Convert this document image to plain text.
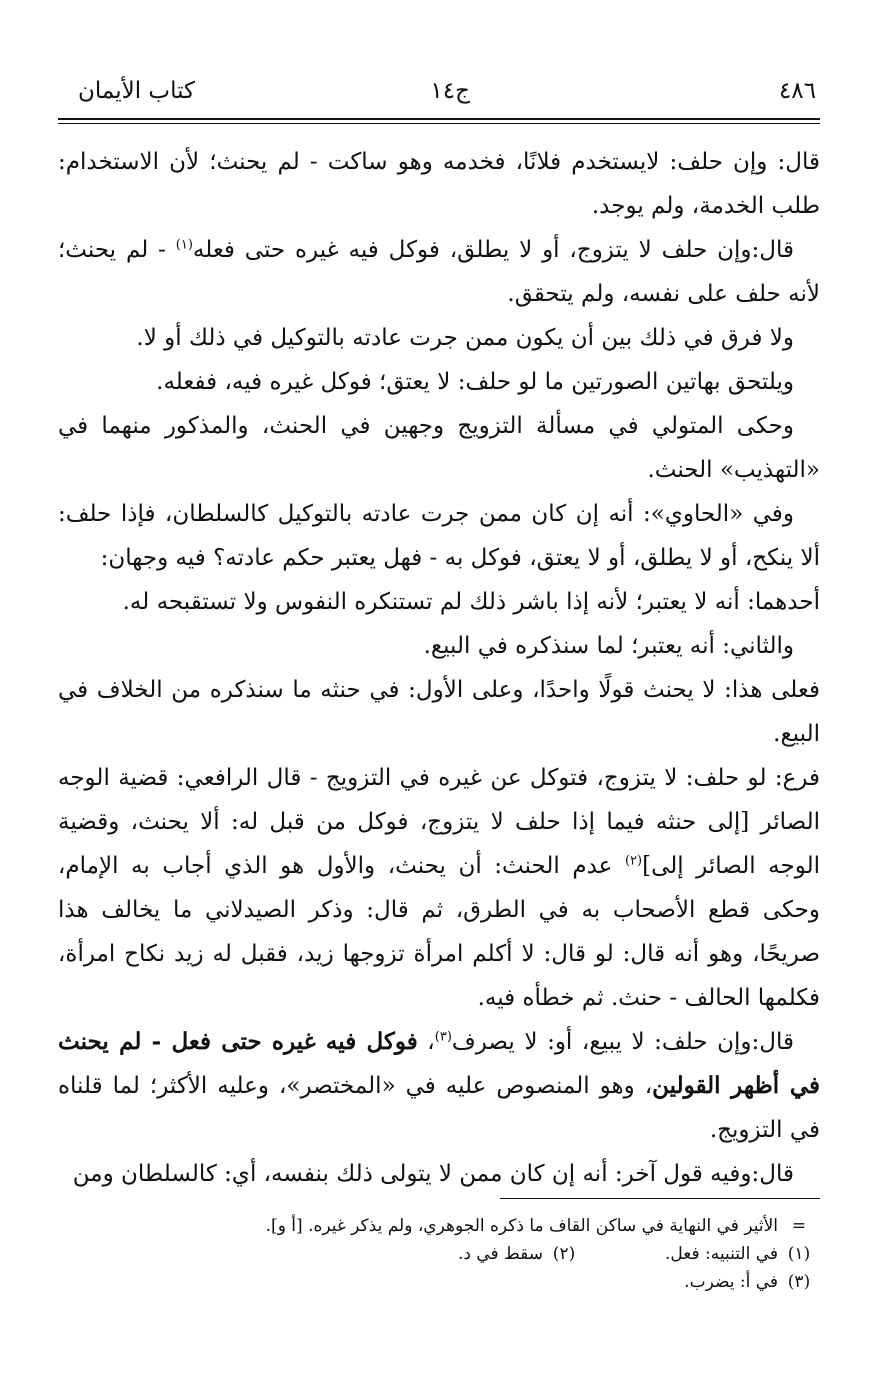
٤٨٦
ج١٤
كتاب الأيمان

قال: وإن حلف: لايستخدم فلانًا، فخدمه وهو ساكت - لم يحنث؛ لأن الاستخدام: طلب الخدمة، ولم يوجد.

قال:وإن حلف لا يتزوج، أو لا يطلق، فوكل فيه غيره حتى فعله$^{(١)}$ - لم يحنث؛ لأنه حلف على نفسه، ولم يتحقق.

ولا فرق في ذلك بين أن يكون ممن جرت عادته بالتوكيل في ذلك أو لا.

ويلتحق بهاتين الصورتين ما لو حلف: لا يعتق؛ فوكل غيره فيه، ففعله.

وحكى المتولي في مسألة التزويج وجهين في الحنث، والمذكور منهما في «التهذيب» الحنث.

وفي «الحاوي»: أنه إن كان ممن جرت عادته بالتوكيل كالسلطان، فإذا حلف: ألا ينكح، أو لا يطلق، أو لا يعتق، فوكل به - فهل يعتبر حكم عادته؟ فيه وجهان:

أحدهما: أنه لا يعتبر؛ لأنه إذا باشر ذلك لم تستنكره النفوس ولا تستقبحه له.

والثاني: أنه يعتبر؛ لما سنذكره في البيع.

فعلى هذا: لا يحنث قولًا واحدًا، وعلى الأول: في حنثه ما سنذكره من الخلاف في البيع.

فرع: لو حلف: لا يتزوج، فتوكل عن غيره في التزويج - قال الرافعي: قضية الوجه الصائر [إلى حنثه فيما إذا حلف لا يتزوج، فوكل من قبل له: ألا يحنث، وقضية الوجه الصائر إلى]$^{(٢)}$ عدم الحنث: أن يحنث، والأول هو الذي أجاب به الإمام، وحكى قطع الأصحاب به في الطرق، ثم قال: وذكر الصيدلاني ما يخالف هذا صريحًا، وهو أنه قال: لو قال: لا أكلم امرأة تزوجها زيد، فقبل له زيد نكاح امرأة، فكلمها الحالف - حنث. ثم خطأه فيه.

قال:وإن حلف: لا يبيع، أو: لا يصرف$^{(٣)}$، فوكل فيه غيره حتى فعل - لم يحنث في أظهر القولين، وهو المنصوص عليه في «المختصر»، وعليه الأكثر؛ لما قلناه في التزويج.

قال:وفيه قول آخر: أنه إن كان ممن لا يتولى ذلك بنفسه، أي: كالسلطان ومن

=الأثير في النهاية في ساكن القاف ما ذكره الجوهري، ولم يذكر غيره. [أ و].
(١)في التنبيه: فعل.(٢)سقط في د.
(٣)في أ: يضرب.
